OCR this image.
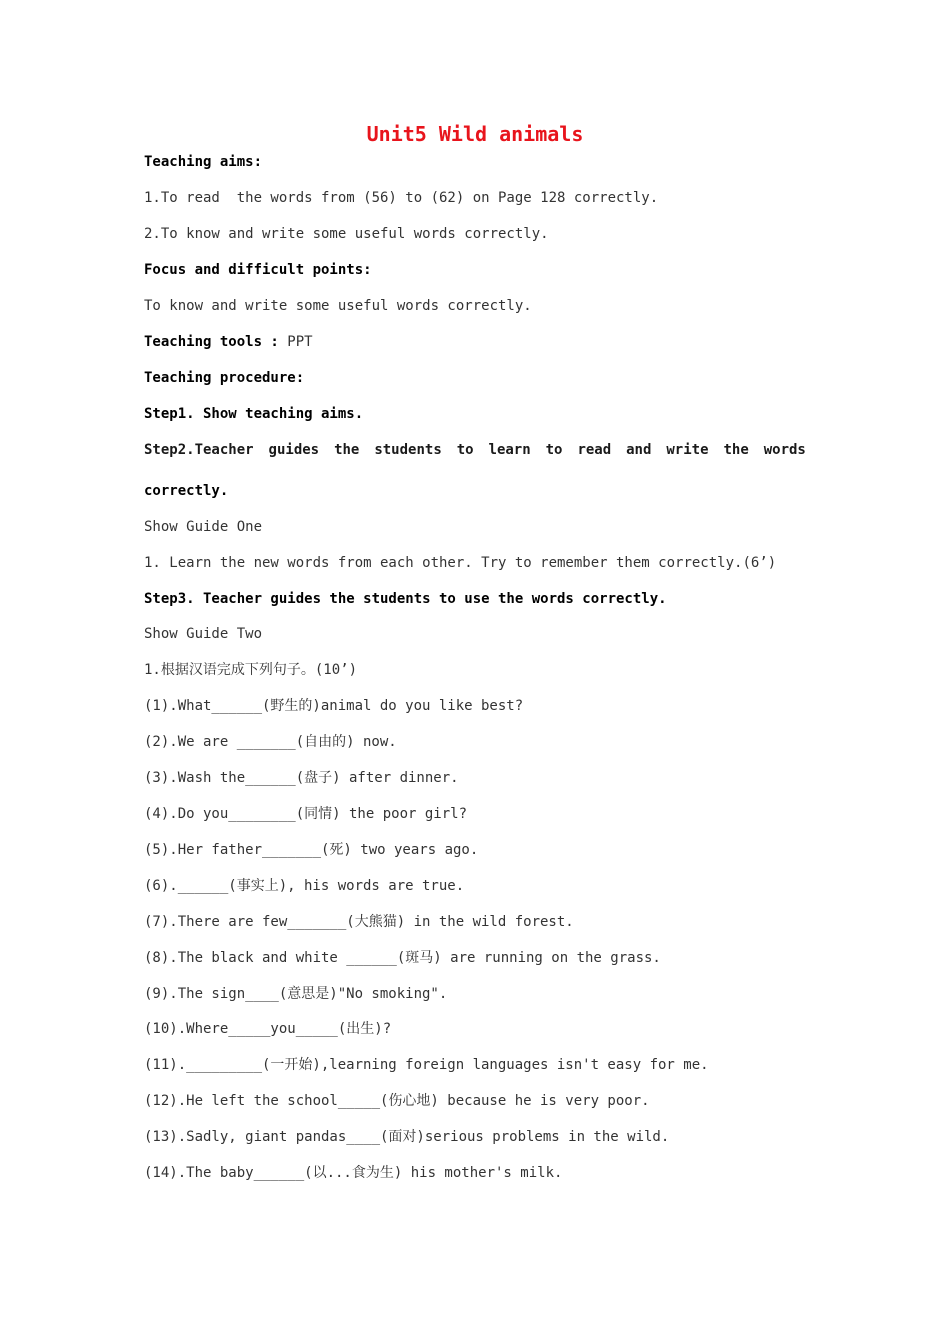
Unit5 Wild animals
Teaching aims:
1.To read  the words from (56) to (62) on Page 128 correctly.
2.To know and write some useful words correctly.
Focus and difficult points:
To know and write some useful words correctly.
Teaching tools : PPT
Teaching procedure:
Step1. Show teaching aims.
Step2.Teacher guides the students to learn to read and write the words
correctly.
Show Guide One
1. Learn the new words from each other. Try to remember them correctly.(6’)
Step3. Teacher guides the students to use the words correctly.
Show Guide Two
1.根据汉语完成下列句子。(10’)
(1).What______(野生的)animal do you like best?
(2).We are _______(自由的) now.
(3).Wash the______(盘子) after dinner.
(4).Do you________(同情) the poor girl?
(5).Her father_______(死) two years ago.
(6).______(事实上), his words are true.
(7).There are few_______(大熊猫) in the wild forest.
(8).The black and white ______(斑马) are running on the grass.
(9).The sign____(意思是)"No smoking".
(10).Where_____you_____(出生)?
(11)._________(一开始),learning foreign languages isn't easy for me.
(12).He left the school_____(伤心地) because he is very poor.
(13).Sadly, giant pandas____(面对)serious problems in the wild.
(14).The baby______(以...食为生) his mother's milk.
